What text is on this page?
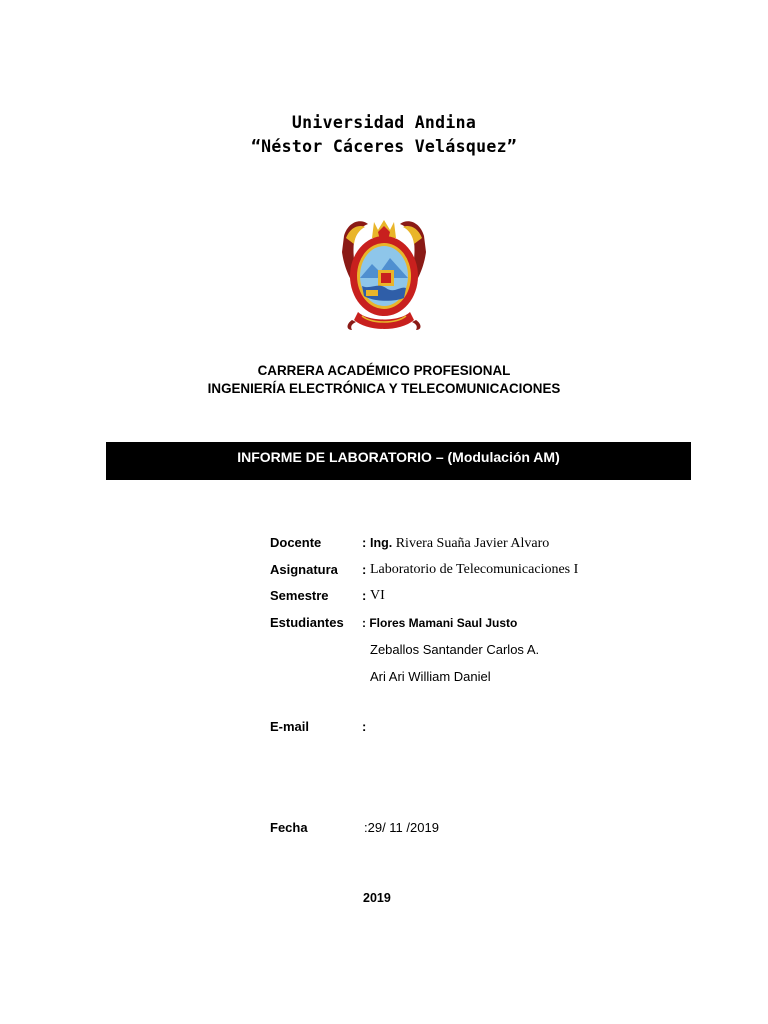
Universidad Andina
“Néstor Cáceres Velásquez”
CARRERA ACADÉMICO PROFESIONAL
INGENIERÍA ELECTRÓNICA Y TELECOMUNICACIONES
INFORME DE LABORATORIO – (Modulación AM)
Docente	: Ing. Rivera Suaña Javier Alvaro
Asignatura : Laboratorio de Telecomunicaciones I
Semestre	: VI
Estudiantes : Flores Mamani Saul Justo
Zeballos Santander Carlos A.
Ari Ari William Daniel
E-mail	:
Fecha	:29/ 11 /2019
2019
